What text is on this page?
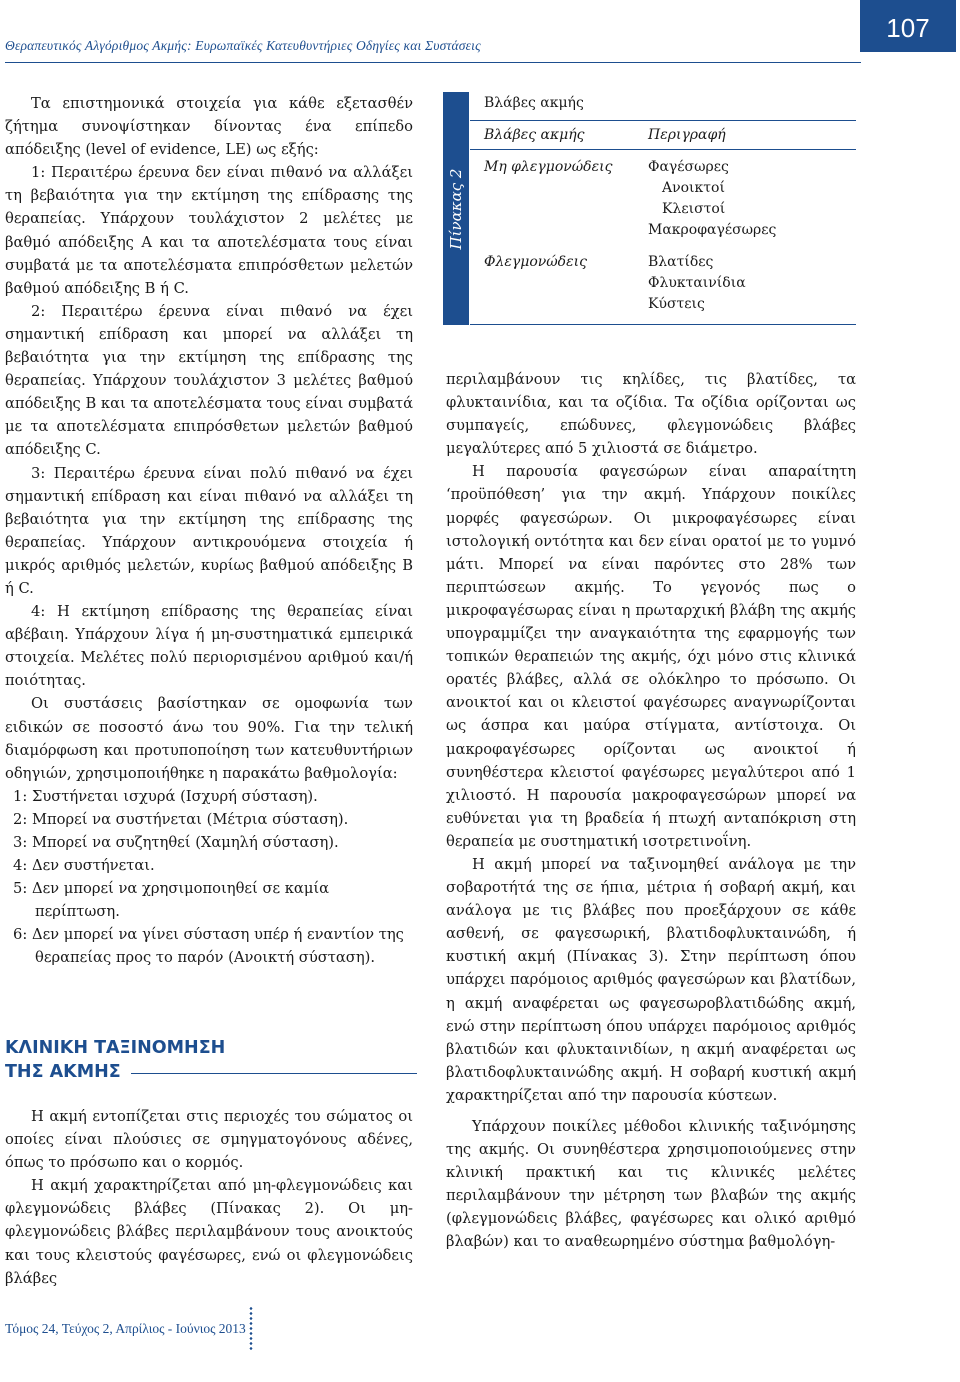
Θεραπευτικός Αλγόριθμος Ακμής: Ευρωπαϊκές Κατευθυντήριες Οδηγίες και Συστάσεις
107

Τα επιστημονικά στοιχεία για κάθε εξετασθέν ζήτημα συνοψίστηκαν δίνοντας ένα επίπεδο απόδειξης (level of evidence, LE) ως εξής:

1: Περαιτέρω έρευνα δεν είναι πιθανό να αλλάξει τη βεβαιότητα για την εκτίμηση της επίδρασης της θεραπείας. Υπάρχουν τουλάχιστον 2 μελέτες με βαθμό απόδειξης A και τα αποτελέσματα τους είναι συμβατά με τα αποτελέσματα επιπρόσθετων μελετών βαθμού απόδειξης B ή C.

2: Περαιτέρω έρευνα είναι πιθανό να έχει σημαντική επίδραση και μπορεί να αλλάξει τη βεβαιότητα για την εκτίμηση της επίδρασης της θεραπείας. Υπάρχουν τουλάχιστον 3 μελέτες βαθμού απόδειξης B και τα αποτελέσματα τους είναι συμβατά με τα αποτελέσματα επιπρόσθετων μελετών βαθμού απόδειξης C.

3: Περαιτέρω έρευνα είναι πολύ πιθανό να έχει σημαντική επίδραση και είναι πιθανό να αλλάξει τη βεβαιότητα για την εκτίμηση της επίδρασης της θεραπείας. Υπάρχουν αντικρουόμενα στοιχεία ή μικρός αριθμός μελετών, κυρίως βαθμού απόδειξης B ή C.

4: Η εκτίμηση επίδρασης της θεραπείας είναι αβέβαιη. Υπάρχουν λίγα ή μη-συστηματικά εμπειρικά στοιχεία. Μελέτες πολύ περιορισμένου αριθμού και/ή ποιότητας.

Οι συστάσεις βασίστηκαν σε ομοφωνία των ειδικών σε ποσοστό άνω του 90%. Για την τελική διαμόρφωση και προτυποποίηση των κατευθυντήριων οδηγιών, χρησιμοποιήθηκε η παρακάτω βαθμολογία:

1: Συστήνεται ισχυρά (Ισχυρή σύσταση).

2: Μπορεί να συστήνεται (Μέτρια σύσταση).

3: Μπορεί να συζητηθεί (Χαμηλή σύσταση).

4: Δεν συστήνεται.

5: Δεν μπορεί να χρησιμοποιηθεί σε καμία περίπτωση.

6: Δεν μπορεί να γίνει σύσταση υπέρ ή εναντίον της θεραπείας προς το παρόν (Ανοικτή σύσταση).

ΚΛΙΝΙΚΗ ΤΑΞΙΝΟΜΗΣΗ
ΤΗΣ ΑΚΜΗΣ

Η ακμή εντοπίζεται στις περιοχές του σώματος οι οποίες είναι πλούσιες σε σμηγματογόνους αδένες, όπως το πρόσωπο και ο κορμός.

Η ακμή χαρακτηρίζεται από μη-φλεγμονώδεις και φλεγμονώδεις βλάβες (Πίνακας 2). Οι μη-φλεγμονώδεις βλάβες περιλαμβάνουν τους ανοικτούς και τους κλειστούς φαγέσωρες, ενώ οι φλεγμονώδεις βλάβες

Πίνακας 2
Βλάβες ακμής
Βλάβες ακμής	Περιγραφή
Μη φλεγμονώδεις	Φαγέσωρες
Ανοικτοί
Κλειστοί
Μακροφαγέσωρες
Φλεγμονώδεις	Βλατίδες
Φλυκταινίδια
Κύστεις

περιλαμβάνουν τις κηλίδες, τις βλατίδες, τα φλυκταινίδια, και τα οζίδια. Τα οζίδια ορίζονται ως συμπαγείς, επώδυνες, φλεγμονώδεις βλάβες μεγαλύτερες από 5 χιλιοστά σε διάμετρο.

Η παρουσία φαγεσώρων είναι απαραίτητη ‘προϋπόθεση’ για την ακμή. Υπάρχουν ποικίλες μορφές φαγεσώρων. Οι μικροφαγέσωρες είναι ιστολογική οντότητα και δεν είναι ορατοί με το γυμνό μάτι. Μπορεί να είναι παρόντες στο 28% των περιπτώσεων ακμής. Το γεγονός πως ο μικροφαγέσωρας είναι η πρωταρχική βλάβη της ακμής υπογραμμίζει την αναγκαιότητα της εφαρμογής των τοπικών θεραπειών της ακμής, όχι μόνο στις κλινικά ορατές βλάβες, αλλά σε ολόκληρο το πρόσωπο. Οι ανοικτοί και οι κλειστοί φαγέσωρες αναγνωρίζονται ως άσπρα και μαύρα στίγματα, αντίστοιχα. Οι μακροφαγέσωρες ορίζονται ως ανοικτοί ή συνηθέστερα κλειστοί φαγέσωρες μεγαλύτεροι από 1 χιλιοστό. Η παρουσία μακροφαγεσώρων μπορεί να ευθύνεται για τη βραδεία ή πτωχή ανταπόκριση στη θεραπεία με συστηματική ισοτρετινοΐνη.

Η ακμή μπορεί να ταξινομηθεί ανάλογα με την σοβαροτήτά της σε ήπια, μέτρια ή σοβαρή ακμή, και ανάλογα με τις βλάβες που προεξάρχουν σε κάθε ασθενή, σε φαγεσωρική, βλατιδοφλυκταινώδη, ή κυστική ακμή (Πίνακας 3). Στην περίπτωση όπου υπάρχει παρόμοιος αριθμός φαγεσώρων και βλατίδων, η ακμή αναφέρεται ως φαγεσωροβλατιδώδης ακμή, ενώ στην περίπτωση όπου υπάρχει παρόμοιος αριθμός βλατιδών και φλυκταινιδίων, η ακμή αναφέρεται ως βλατιδοφλυκταινώδης ακμή. Η σοβαρή κυστική ακμή χαρακτηρίζεται από την παρουσία κύστεων.

Υπάρχουν ποικίλες μέθοδοι κλινικής ταξινόμησης της ακμής. Οι συνηθέστερα χρησιμοποιούμενες στην κλινική πρακτική και τις κλινικές μελέτες περιλαμβάνουν την μέτρηση των βλαβών της ακμής (φλεγμονώδεις βλάβες, φαγέσωρες και ολικό αριθμό βλαβών) και το αναθεωρημένο σύστημα βαθμολόγη-

Τόμος 24, Τεύχος 2, Απρίλιος - Ιούνιος 2013
